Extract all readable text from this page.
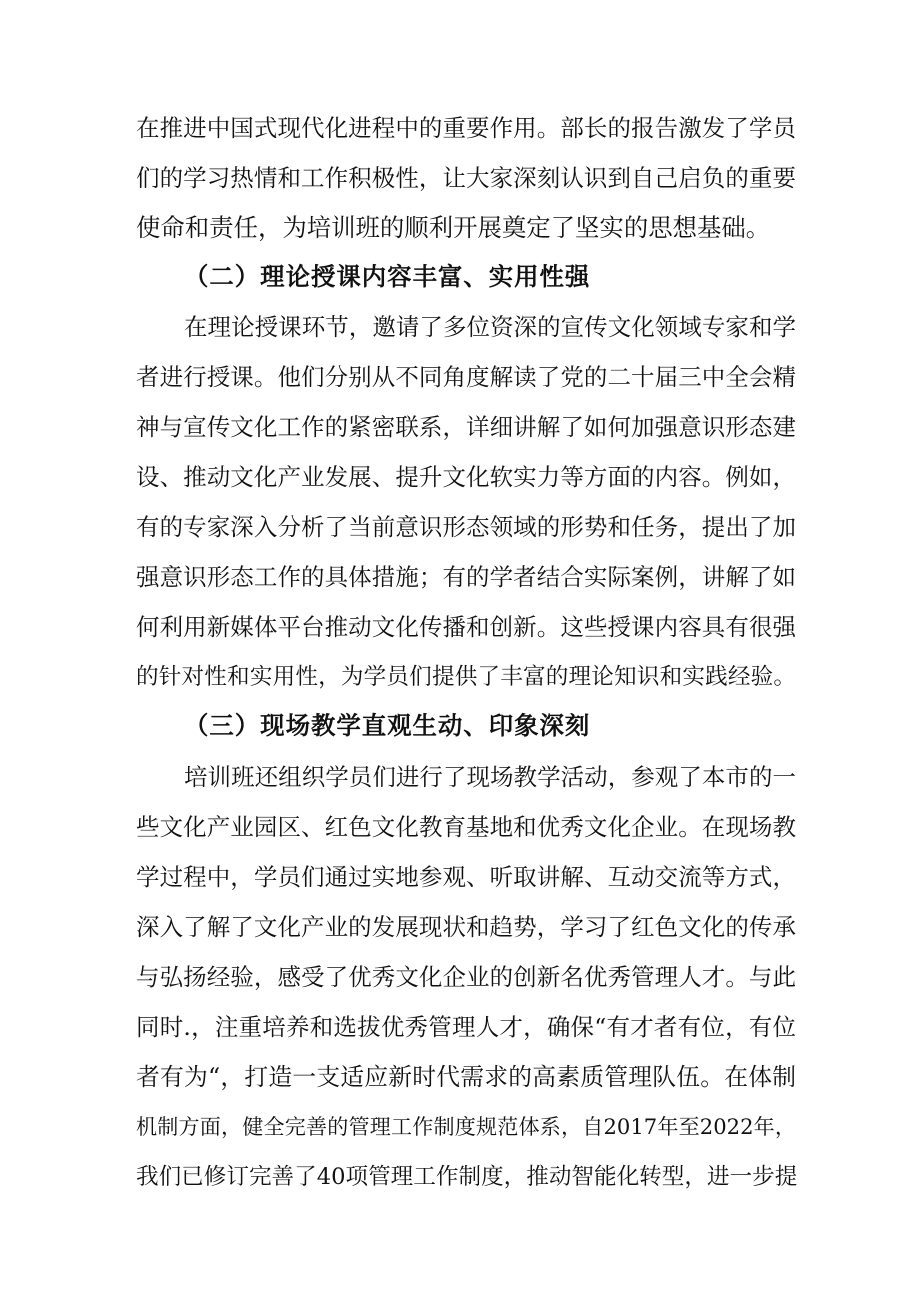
在推进中国式现代化进程中的重要作用。部长的报告激发了学员
们的学习热情和工作积极性，让大家深刻认识到自己启负的重要
使命和责任，为培训班的顺利开展奠定了坚实的思想基础。
（二）理论授课内容丰富、实用性强
在理论授课环节，邀请了多位资深的宣传文化领域专家和学
者进行授课。他们分别从不同角度解读了党的二十届三中全会精
神与宣传文化工作的紧密联系，详细讲解了如何加强意识形态建
设、推动文化产业发展、提升文化软实力等方面的内容。例如，
有的专家深入分析了当前意识形态领域的形势和任务，提出了加
强意识形态工作的具体措施；有的学者结合实际案例，讲解了如
何利用新媒体平台推动文化传播和创新。这些授课内容具有很强
的针对性和实用性，为学员们提供了丰富的理论知识和实践经验。
（三）现场教学直观生动、印象深刻
培训班还组织学员们进行了现场教学活动，参观了本市的一
些文化产业园区、红色文化教育基地和优秀文化企业。在现场教
学过程中，学员们通过实地参观、听取讲解、互动交流等方式，
深入了解了文化产业的发展现状和趋势，学习了红色文化的传承
与弘扬经验，感受了优秀文化企业的创新名优秀管理人才。与此
同时.，注重培养和选拔优秀管理人才，确保“有才者有位，有位
者有为“，打造一支适应新时代需求的高素质管理队伍。在体制
机制方面，健全完善的管理工作制度规范体系，自2017年至2022年，
我们已修订完善了40项管理工作制度，推动智能化转型，进一步提
